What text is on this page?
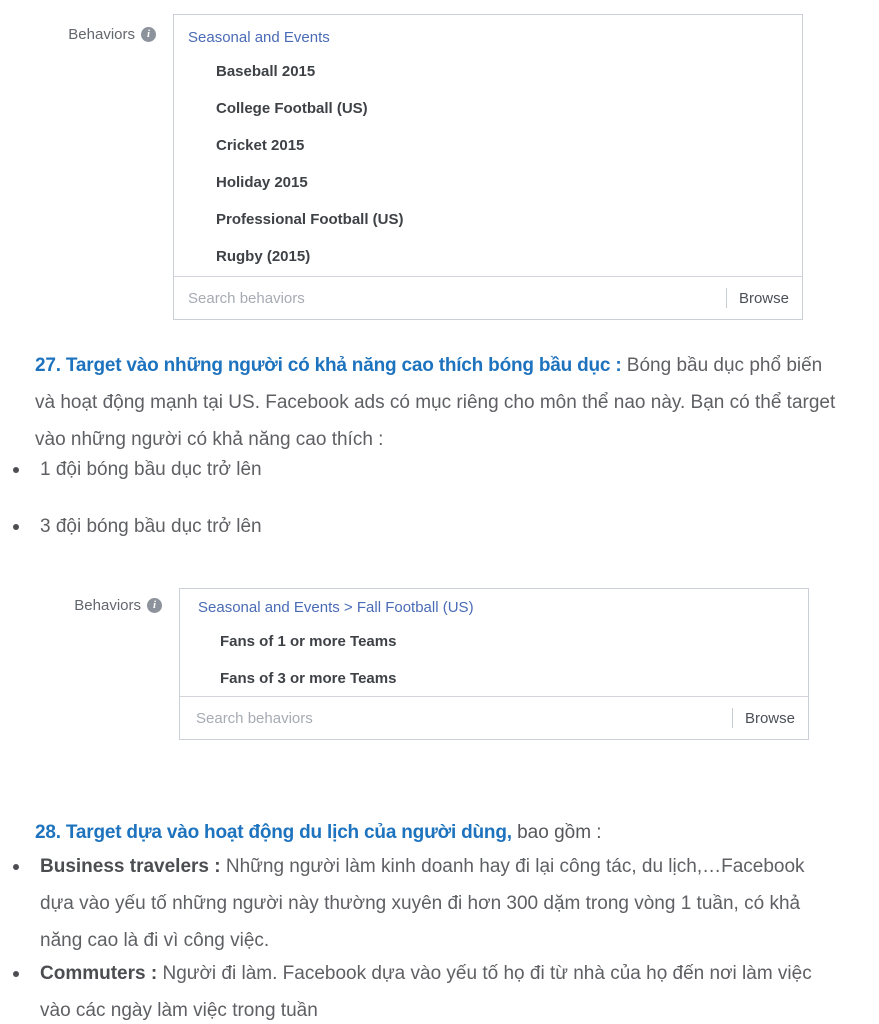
Behaviors	i	Seasonal and Events
Baseball 2015
College Football (US)
Cricket 2015
Holiday 2015
Professional Football (US)
Rugby (2015)
Search behaviors
Browse

27. Target vào những người có khả năng cao thích bóng bầu dục : Bóng bầu dục phổ biến và hoạt động mạnh tại US. Facebook ads có mục riêng cho môn thể nao này. Bạn có thể target vào những người có khả năng cao thích :

1 đội bóng bầu dục trở lên
3 đội bóng bầu dục trở lên
Behaviors	i	Seasonal and Events > Fall Football (US)
Fans of 1 or more Teams
Fans of 3 or more Teams
Search behaviors
Browse
28. Target dựa vào hoạt động du lịch của người dùng, bao gồm :
Business travelers : Những người làm kinh doanh hay đi lại công tác, du lịch,…Facebook dựa vào yếu tố những người này thường xuyên đi hơn 300 dặm trong vòng 1 tuần, có khả năng cao là đi vì công việc.
Commuters : Người đi làm. Facebook dựa vào yếu tố họ đi từ nhà của họ đến nơi làm việc vào các ngày làm việc trong tuần
